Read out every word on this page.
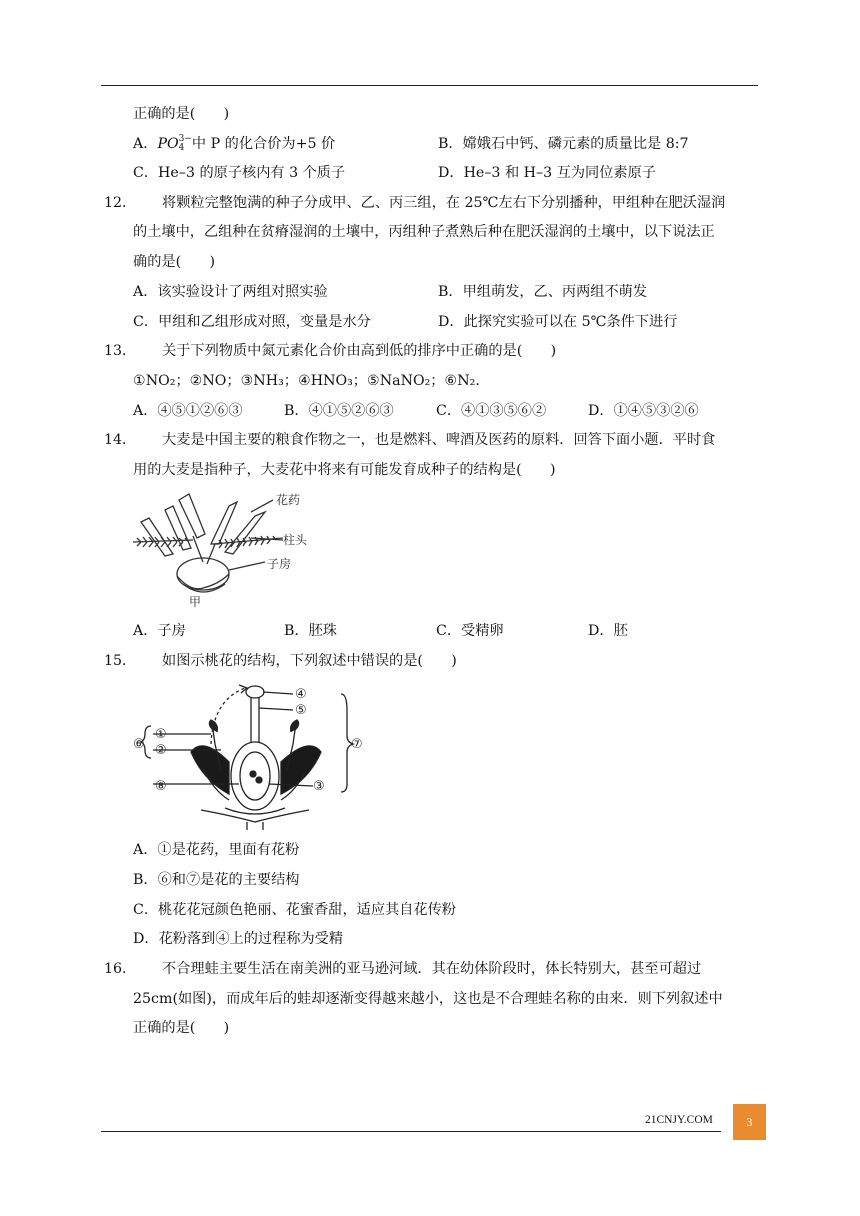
正确的是(　　)
A．PO 3−
4 中 P 的化合价为+5 价	B．嫦娥石中钙、磷元素的质量比是 8:7
C．He–3 的原子核内有 3 个质子	D．He–3 和 H–3 互为同位素原子
12． 将颗粒完整饱满的种子分成甲、乙、丙三组，在 25℃左右下分别播种，甲组种在肥沃湿润
的土壤中，乙组种在贫瘠湿润的土壤中，丙组种子煮熟后种在肥沃湿润的土壤中，以下说法正
确的是(　　)
A．该实验设计了两组对照实验	B．甲组萌发，乙、丙两组不萌发
C．甲组和乙组形成对照，变量是水分	D．此探究实验可以在 5℃条件下进行
13． 关于下列物质中氮元素化合价由高到低的排序中正确的是(　　)
①NO₂；②NO；③NH₃；④HNO₃；⑤NaNO₂；⑥N₂．
A．④⑤①②⑥③	B．④①⑤②⑥③	C．④①③⑤⑥②	D．①④⑤③②⑥
14． 大麦是中国主要的粮食作物之一，也是燃料、啤酒及医药的原料．回答下面小题．平时食
用的大麦是指种子，大麦花中将来有可能发育成种子的结构是(　　)
花药
柱头
子房
甲
A．子房	B．胚珠	C．受精卵	D．胚
15． 如图示桃花的结构，下列叙述中错误的是(　　)
①
②
⑥
⑧
④
⑤
③
⑦
A．①是花药，里面有花粉
B．⑥和⑦是花的主要结构
C．桃花花冠颜色艳丽、花蜜香甜，适应其自花传粉
D．花粉落到④上的过程称为受精
16． 不合理蛙主要生活在南美洲的亚马逊河域．其在幼体阶段时，体长特别大，甚至可超过
25cm(如图)，而成年后的蛙却逐渐变得越来越小，这也是不合理蛙名称的由来．则下列叙述中
正确的是(　　)
21CNJY.COM	3
